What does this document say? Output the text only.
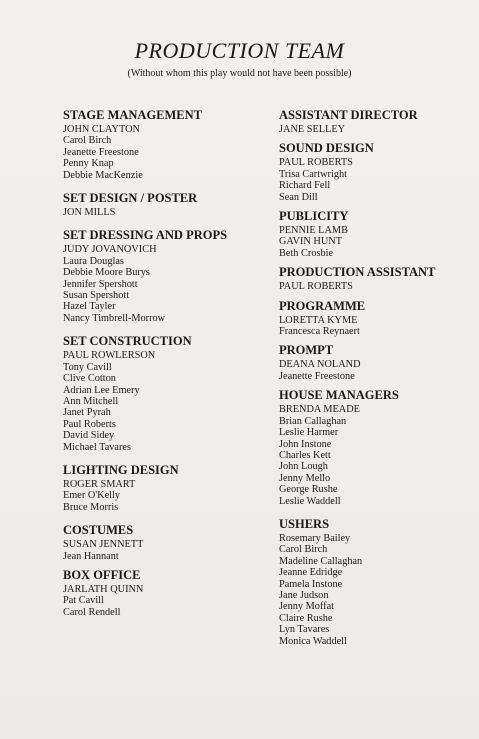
PRODUCTION TEAM
(Without whom this play would not have been possible)
STAGE MANAGEMENT
JOHN CLAYTON
Carol Birch
Jeanette Freestone
Penny Knap
Debbie MacKenzie
SET DESIGN / POSTER
JON MILLS
SET DRESSING AND PROPS
JUDY JOVANOVICH
Laura Douglas
Debbie Moore Burys
Jennifer Spershott
Susan Spershott
Hazel Tayler
Nancy Timbrell-Morrow
SET CONSTRUCTION
PAUL ROWLERSON
Tony Cavill
Clive Cotton
Adrian Lee Emery
Ann Mitchell
Janet Pyrah
Paul Roberts
David Sidey
Michael Tavares
LIGHTING DESIGN
ROGER SMART
Emer O'Kelly
Bruce Morris
COSTUMES
SUSAN JENNETT
Jean Hannant
BOX OFFICE
JARLATH QUINN
Pat Cavill
Carol Rendell
ASSISTANT DIRECTOR
JANE SELLEY
SOUND DESIGN
PAUL ROBERTS
Trisa Cartwright
Richard Fell
Sean Dill
PUBLICITY
PENNIE LAMB
GAVIN HUNT
Beth Crosbie
PRODUCTION ASSISTANT
PAUL ROBERTS
PROGRAMME
LORETTA KYME
Francesca Reynaert
PROMPT
DEANA NOLAND
Jeanette Freestone
HOUSE MANAGERS
BRENDA MEADE
Brian Callaghan
Leslie Harmer
John Instone
Charles Kett
John Lough
Jenny Mello
George Rushe
Leslie Waddell
USHERS
Rosemary Bailey
Carol Birch
Madeline Callaghan
Jeanne Edridge
Pamela Instone
Jane Judson
Jenny Moffat
Claire Rushe
Lyn Tavares
Monica Waddell
